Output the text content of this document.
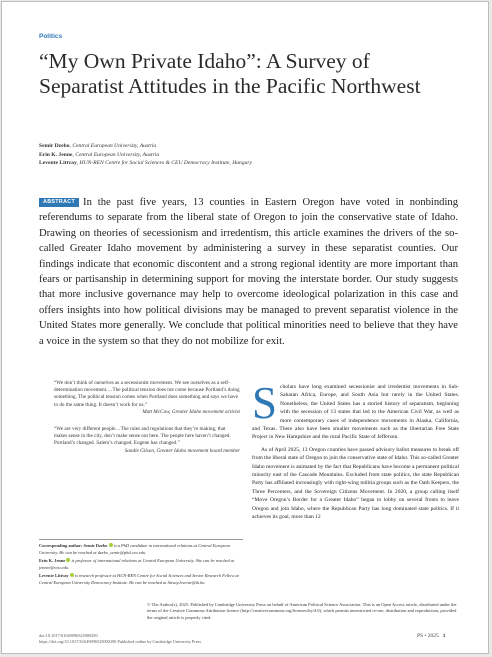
Politics
“My Own Private Idaho”: A Survey of Separatist Attitudes in the Pacific Northwest
Semir Dzebo, Central European University, Austria
Erin K. Jenne, Central European University, Austria
Levente Littvay, HUN-REN Centre for Social Sciences & CEU Democracy Institute, Hungary
ABSTRACT In the past five years, 13 counties in Eastern Oregon have voted in nonbinding referendums to separate from the liberal state of Oregon to join the conservative state of Idaho. Drawing on theories of secessionism and irredentism, this article examines the drivers of the so-called Greater Idaho movement by administering a survey in these separatist counties. Our findings indicate that economic discontent and a strong regional identity are more important than fears or partisanship in determining support for moving the interstate border. Our study suggests that more inclusive governance may help to overcome ideological polarization in this case and offers insights into how political divisions may be managed to prevent separatist violence in the United States more generally. We conclude that political minorities need to believe that they have a voice in the system so that they do not mobilize for exit.
“We don’t think of ourselves as a secessionist movement. We see ourselves as a self-determination movement.…The political tension does not come because Portland’s doing something. The political tension comes when Portland does something and says we have to do the same thing. It doesn’t work for us.”
Matt McCaw, Greater Idaho movement activist
“We are very different people…The rules and regulations that they’re making, that makes sense in the city, don’t make sense out here. The people here haven’t changed. Portland’s changed. Salem’s changed. Eugene has changed.”
Sandie Gilson, Greater Idaho movement board member

Corresponding author: Semir Dzebo  is a PhD candidate in international relations at Central European University. He can be reached at dzebo_semir@phd.ceu.edu.

Erin K. Jenne  is professor of international relations at Central European University. She can be reached at jennee@ceu.edu.

Levente Littvay  is research professor at HUN-REN Centre for Social Sciences and Senior Research Fellow at Central European University Democracy Institute. He can be reached at littvay.levente@tk.hu.

Scholars have long examined secessionist and irredentist movements in Sub-Saharan Africa, Europe, and South Asia but rarely in the United States. Nonetheless, the United States has a storied history of separatism, beginning with the secession of 13 states that led to the American Civil War, as well as more contemporary cases of independence movements in Alaska, California, and Texas. There also have been smaller movements such as the libertarian Free State Project in New Hampshire and the rural Pacific State of Jefferson.

As of April 2025, 13 Oregon counties have passed advisory ballot measures to break off from the liberal state of Oregon to join the conservative state of Idaho. This so-called Greater Idaho movement is animated by the fact that Republicans have become a permanent political minority east of the Cascade Mountains. Excluded from state politics, the state Republican Party has affiliated increasingly with right-wing militia groups such as the Oath Keepers, the Three Percenters, and the Sovereign Citizens Movement. In 2020, a group calling itself “Move Oregon’s Border for a Greater Idaho” began to lobby on several fronts to leave Oregon and join Idaho, where the Republican Party has long dominated state politics. If it achieves its goal, more than 12

© The Author(s), 2025. Published by Cambridge University Press on behalf of American Political Science Association. This is an Open Access article, distributed under the terms of the Creative Commons Attribution licence (http://creativecommons.org/licenses/by/4.0), which permits unrestricted re-use, distribution and reproduction, provided the original article is properly cited.
doi:10.1017/S1049096525000290
https://doi.org/10.1017/S1049096525000290 Published online by Cambridge University Press
PS • 2025 1
